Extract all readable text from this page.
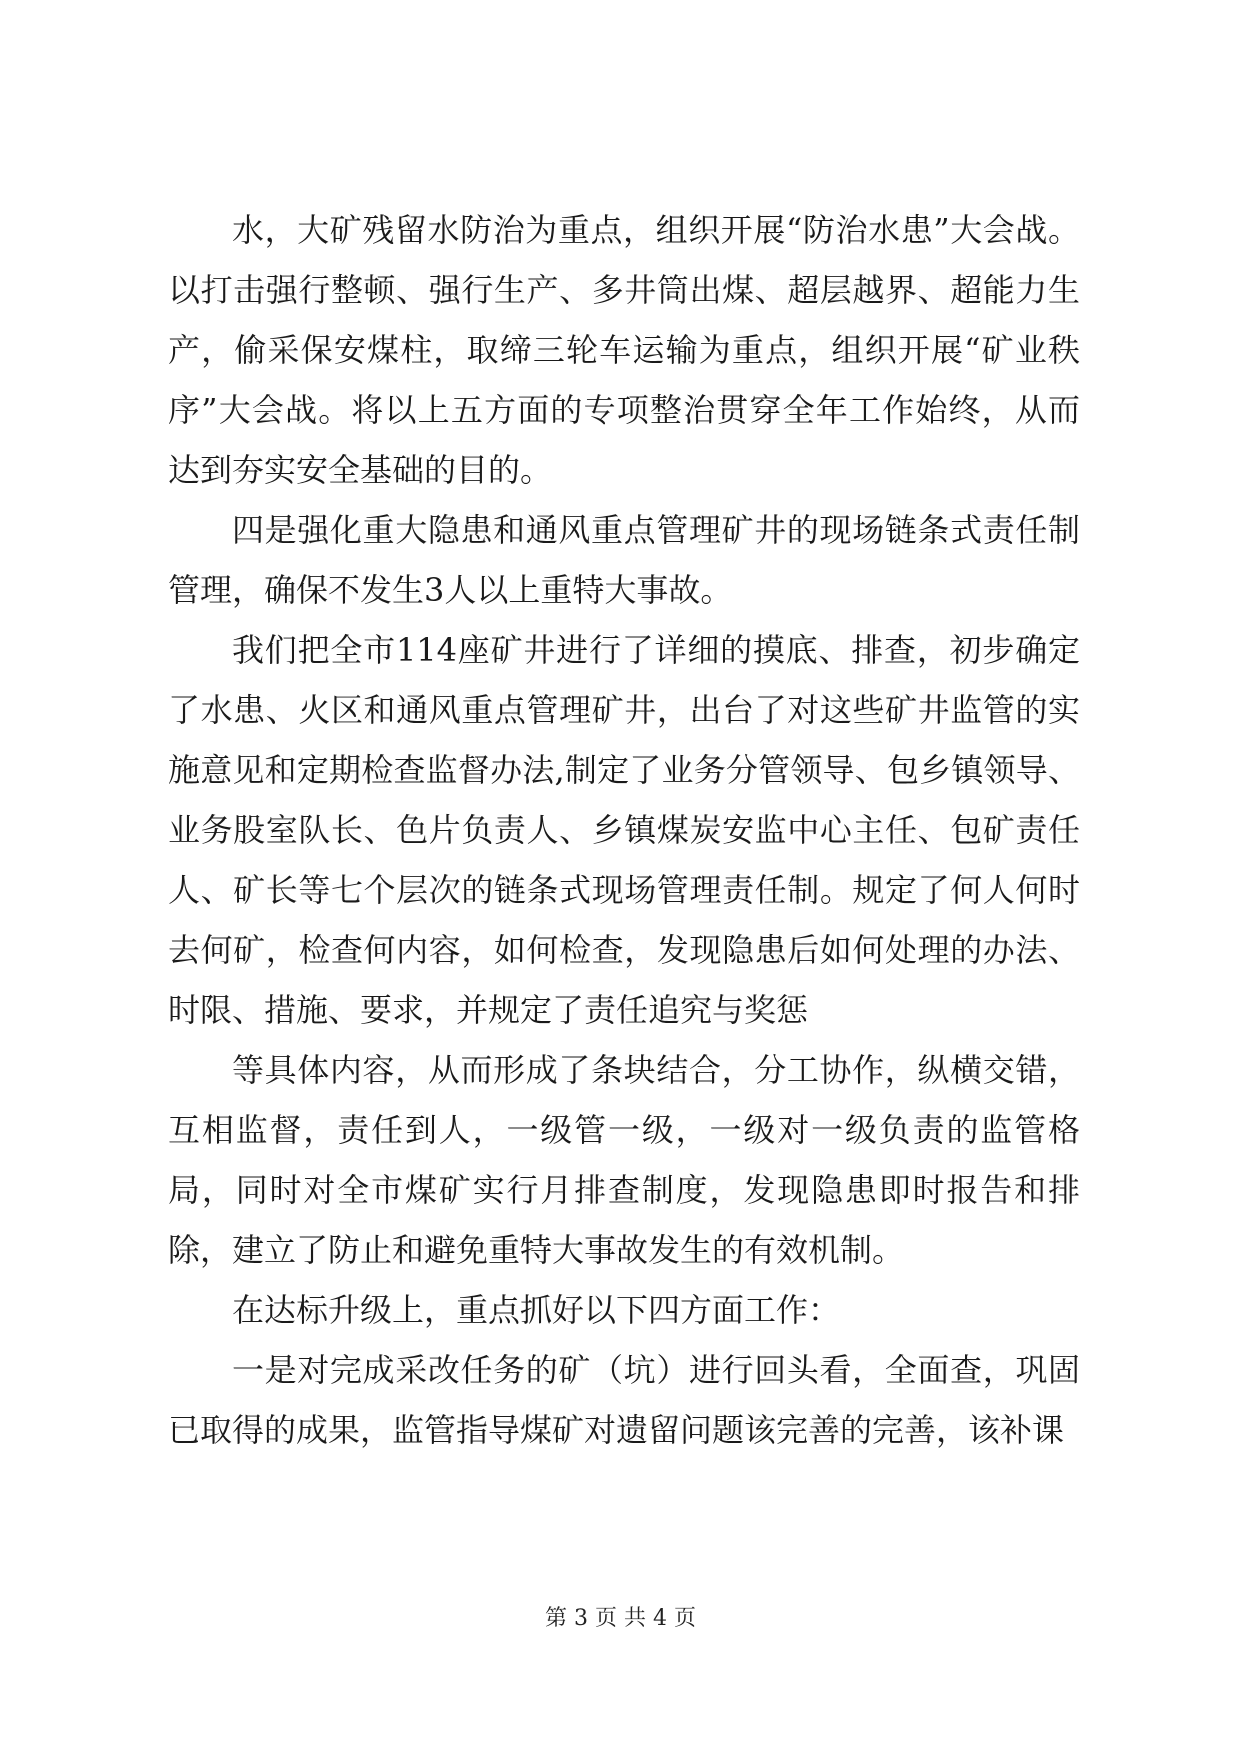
水，大矿残留水防治为重点，组织开展“防治水患”大会战。以打击强行整顿、强行生产、多井筒出煤、超层越界、超能力生产，偷采保安煤柱，取缔三轮车运输为重点，组织开展“矿业秩序”大会战。将以上五方面的专项整治贯穿全年工作始终，从而达到夯实安全基础的目的。

四是强化重大隐患和通风重点管理矿井的现场链条式责任制管理，确保不发生3人以上重特大事故。

我们把全市114座矿井进行了详细的摸底、排查，初步确定了水患、火区和通风重点管理矿井，出台了对这些矿井监管的实施意见和定期检查监督办法,制定了业务分管领导、包乡镇领导、业务股室队长、色片负责人、乡镇煤炭安监中心主任、包矿责任人、矿长等七个层次的链条式现场管理责任制。规定了何人何时去何矿，检查何内容，如何检查，发现隐患后如何处理的办法、时限、措施、要求，并规定了责任追究与奖惩

等具体内容，从而形成了条块结合，分工协作，纵横交错，互相监督，责任到人，一级管一级，一级对一级负责的监管格局，同时对全市煤矿实行月排查制度，发现隐患即时报告和排除，建立了防止和避免重特大事故发生的有效机制。

在达标升级上，重点抓好以下四方面工作：

一是对完成采改任务的矿（坑）进行回头看，全面查，巩固已取得的成果，监管指导煤矿对遗留问题该完善的完善，该补课

第 3 页 共 4 页
